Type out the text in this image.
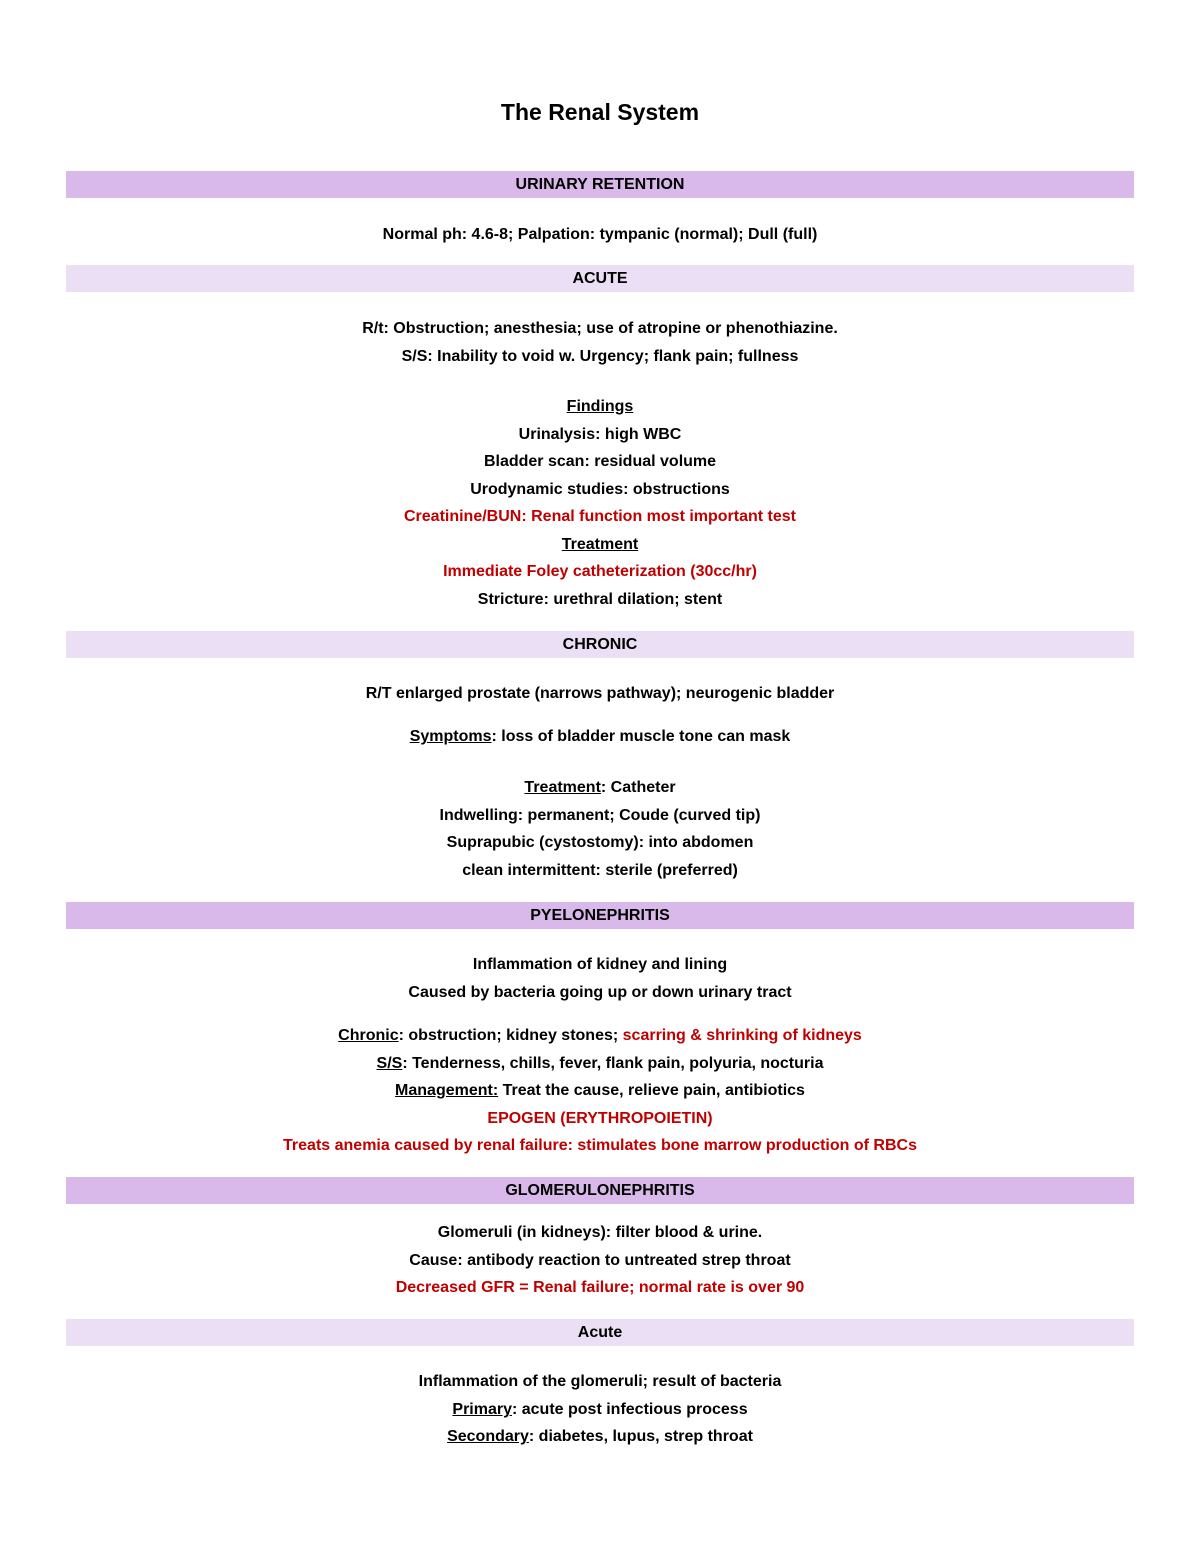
The Renal System
URINARY RETENTION
Normal ph: 4.6-8; Palpation: tympanic (normal); Dull (full)
ACUTE
R/t: Obstruction; anesthesia; use of atropine or phenothiazine.
S/S: Inability to void w. Urgency; flank pain; fullness
Findings
Urinalysis: high WBC
Bladder scan: residual volume
Urodynamic studies: obstructions
Creatinine/BUN: Renal function most important test
Treatment
Immediate Foley catheterization (30cc/hr)
Stricture: urethral dilation; stent
CHRONIC
R/T enlarged prostate (narrows pathway); neurogenic bladder
Symptoms: loss of bladder muscle tone can mask
Treatment: Catheter
Indwelling: permanent; Coude (curved tip)
Suprapubic (cystostomy): into abdomen
clean intermittent: sterile (preferred)
PYELONEPHRITIS
Inflammation of kidney and lining
Caused by bacteria going up or down urinary tract
Chronic: obstruction; kidney stones; scarring & shrinking of kidneys
S/S: Tenderness, chills, fever, flank pain, polyuria, nocturia
Management: Treat the cause, relieve pain, antibiotics
EPOGEN (ERYTHROPOIETIN)
Treats anemia caused by renal failure: stimulates bone marrow production of RBCs
GLOMERULONEPHRITIS
Glomeruli (in kidneys): filter blood & urine.
Cause: antibody reaction to untreated strep throat
Decreased GFR = Renal failure; normal rate is over 90
Acute
Inflammation of the glomeruli; result of bacteria
Primary: acute post infectious process
Secondary: diabetes, lupus, strep throat
